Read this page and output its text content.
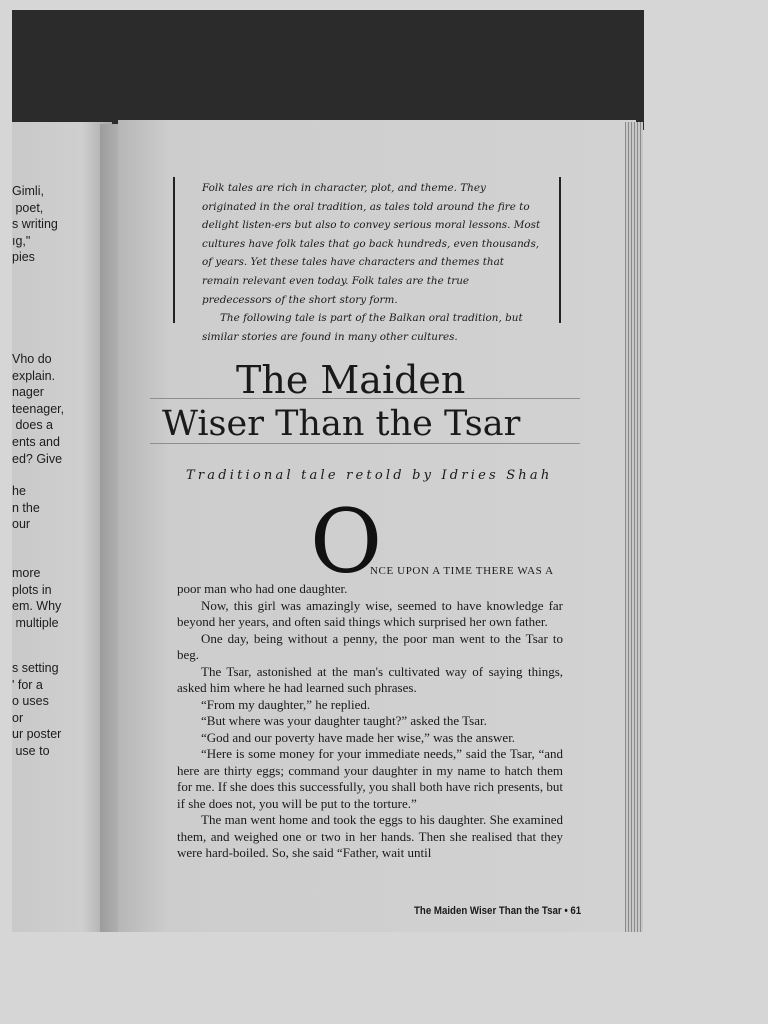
Gimli,
poet,
s writing
ıg,"
pies
Vho do
explain.
nager
teenager,
does a
ents and
ed? Give
he
n the
our
more
plots in
em. Why
multiple
s setting
' for a
o uses
or
ur poster
use to

Folk tales are rich in character, plot, and theme. They originated in the oral tradition, as tales told around the fire to delight listen-ers but also to convey serious moral lessons. Most cultures have folk tales that go back hundreds, even thousands, of years. Yet these tales have characters and themes that remain relevant even today. Folk tales are the true predecessors of the short story form.

The following tale is part of the Balkan oral tradition, but similar stories are found in many other cultures.

The Maiden
Wiser Than the Tsar
Traditional tale retold by Idries Shah
O
NCE UPON A TIME THERE WAS A

poor man who had one daughter.

Now, this girl was amazingly wise, seemed to have knowledge far beyond her years, and often said things which surprised her own father.

One day, being without a penny, the poor man went to the Tsar to beg.

The Tsar, astonished at the man's cultivated way of saying things, asked him where he had learned such phrases.

“From my daughter,” he replied.

“But where was your daughter taught?” asked the Tsar.

“God and our poverty have made her wise,” was the answer.

“Here is some money for your immediate needs,” said the Tsar, “and here are thirty eggs; command your daughter in my name to hatch them for me. If she does this successfully, you shall both have rich presents, but if she does not, you will be put to the torture.”

The man went home and took the eggs to his daughter. She examined them, and weighed one or two in her hands. Then she realised that they were hard-boiled. So, she said “Father, wait until

The Maiden Wiser Than the Tsar • 61
